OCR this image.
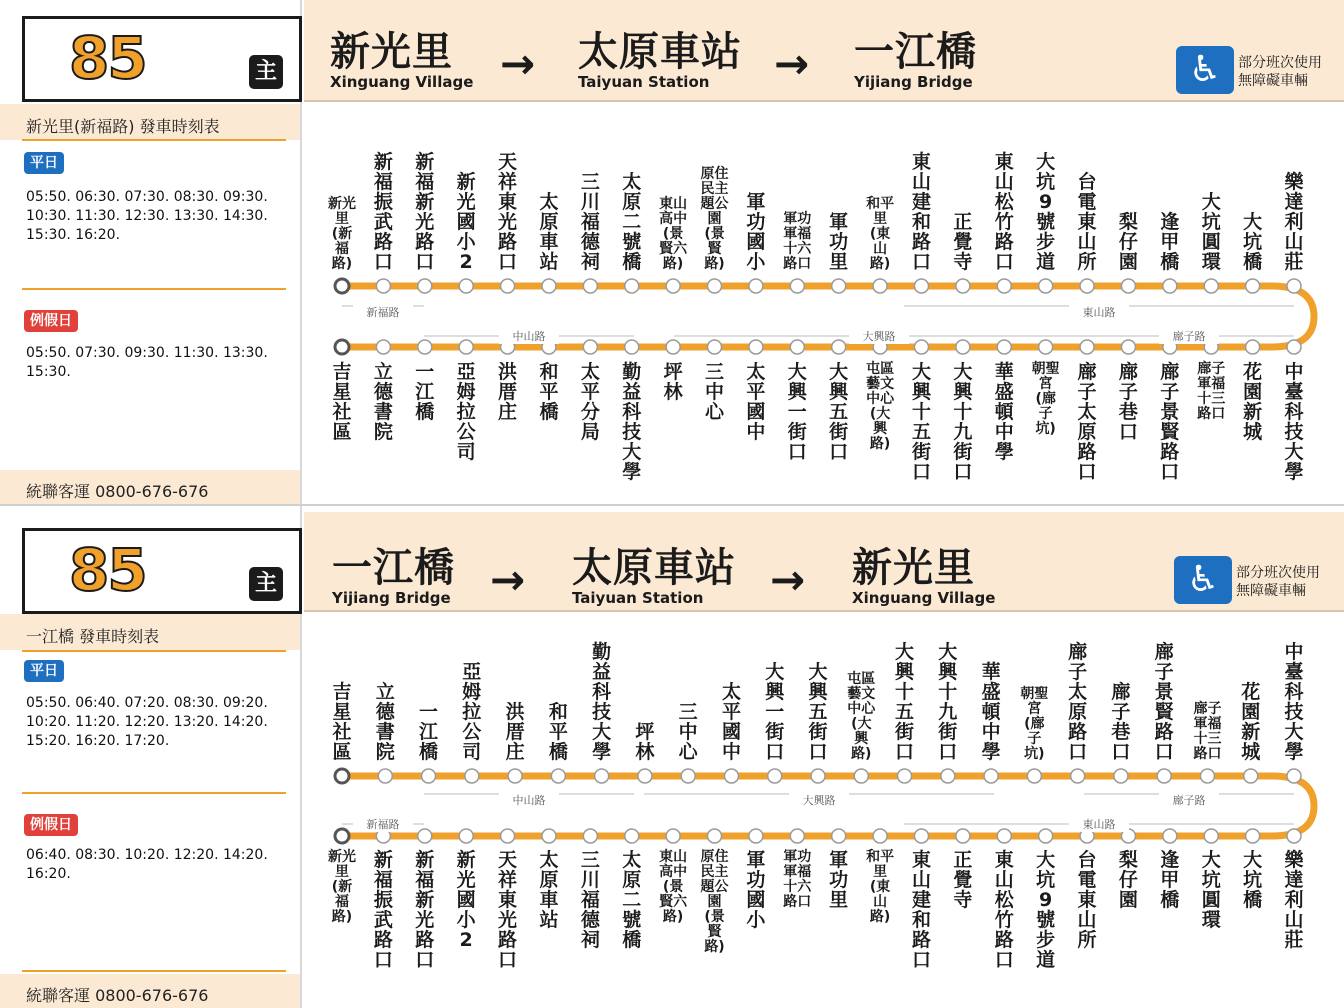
85	主
新光里(新福路) 發車時刻表
平日
05:50. 06:30. 07:30. 08:30. 09:30. 10:30. 11:30. 12:30. 13:30. 14:30. 15:30. 16:20.
例假日
05:50. 07:30. 09:30. 11:30. 13:30. 15:30.
統聯客運 0800-676-676
新光里
Xinguang Village → 太原車站
Taiyuan Station	→ 一江橋
Yijiang Bridge	♿	部分班次使用
無障礙車輛
新福路	東山路
中山路	大興路	廍子路
新光里(新福路)
新福振武路口
新福新光路口
新光國小2
天祥東光路口
太原車站
三川福德祠
太原二號橋
東山高中(景賢六路)
原住民主題公園(景賢路)
軍功國小
軍功軍福十六路口
軍功里
和平里(東山路)
東山建和路口
正覺寺
東山松竹路口
大坑9號步道
台電東山所
梨仔園
逢甲橋
大坑圓環
大坑橋
樂達利山莊
吉星社區
立德書院
一江橋
亞姆拉公司
洪厝庄
和平橋
太平分局
勤益科技大學
坪林
三中心
太平國中
大興一街口
大興五街口
屯區藝文中心(大興路)
大興十五街口
大興十九街口
華盛頓中學
朝聖宮(廍子坑)
廍子太原路口
廍子巷口
廍子景賢路口
廍子軍福十三路口
花園新城
中臺科技大學
85	主
一江橋 發車時刻表
平日
05:50. 06:40. 07:20. 08:30. 09:20. 10:20. 11:20. 12:20. 13:20. 14:20. 15:20. 16:20. 17:20.
例假日
06:40. 08:30. 10:20. 12:20. 14:20. 16:20.
統聯客運 0800-676-676
一江橋
Yijiang Bridge → 太原車站
Taiyuan Station	→ 新光里
Xinguang Village	♿	部分班次使用
無障礙車輛
中山路	大興路	廍子路
新福路	東山路
吉星社區
立德書院
一江橋
亞姆拉公司
洪厝庄
和平橋
勤益科技大學
坪林
三中心
太平國中
大興一街口
大興五街口
屯區藝文中心(大興路)
大興十五街口
大興十九街口
華盛頓中學
朝聖宮(廍子坑)
廍子太原路口
廍子巷口
廍子景賢路口
廍子軍福十三路口
花園新城
中臺科技大學
新光里(新福路)
新福振武路口
新福新光路口
新光國小2
天祥東光路口
太原車站
三川福德祠
太原二號橋
東山高中(景賢六路)
原住民主題公園(景賢路)
軍功國小
軍功軍福十六路口
軍功里
和平里(東山路)
東山建和路口
正覺寺
東山松竹路口
大坑9號步道
台電東山所
梨仔園
逢甲橋
大坑圓環
大坑橋
樂達利山莊
